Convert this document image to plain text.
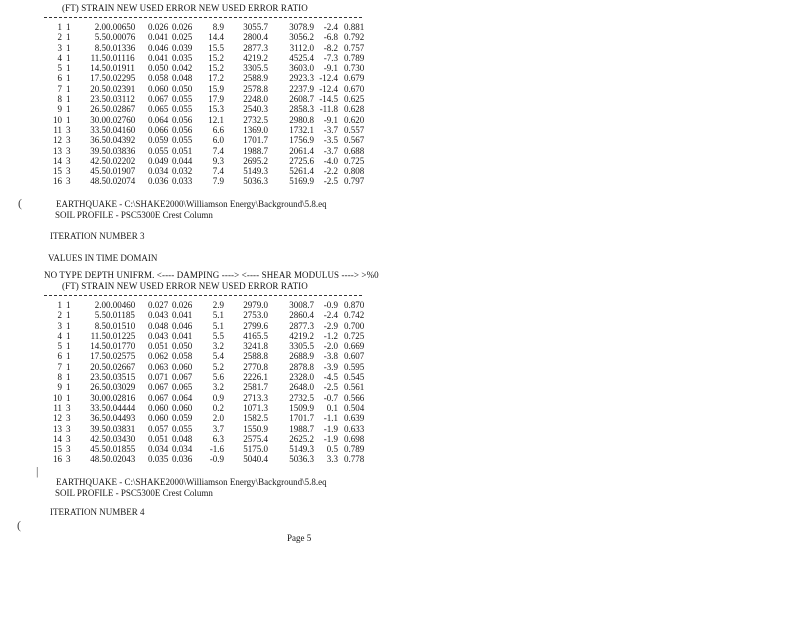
(FT) STRAIN NEW USED ERROR NEW USED ERROR RATIO
1 1	2.0 0.00650	0.026 0.026	8.9	3055.7	3078.9	-2.4 0.881
2 1	5.5 0.00076	0.041 0.025	14.4	2800.4	3056.2	-6.8 0.792
3 1	8.5 0.01336	0.046 0.039	15.5	2877.3	3112.0	-8.2 0.757
4 1	11.5 0.01116	0.041 0.035	15.2	4219.2	4525.4	-7.3 0.789
5 1	14.5 0.01911	0.050 0.042	15.2	3305.5	3603.0	-9.1 0.730
6 1	17.5 0.02295	0.058 0.048	17.2	2588.9	2923.3 -12.4 0.679
7 1	20.5 0.02391	0.060 0.050	15.9	2578.8	2237.9 -12.4 0.670
8 1	23.5 0.03112	0.067 0.055	17.9	2248.0	2608.7 -14.5 0.625
9 1	26.5 0.02867	0.065 0.055	15.3	2540.3	2858.3 -11.8 0.628
10 1	30.0 0.02760	0.064 0.056	12.1	2732.5	2980.8	-9.1 0.620
11 3	33.5 0.04160	0.066 0.056	6.6	1369.0	1732.1	-3.7 0.557
12 3	36.5 0.04392	0.059 0.055	6.0	1701.7	1756.9	-3.5 0.567
13 3	39.5 0.03836	0.055 0.051	7.4	1988.7	2061.4	-3.7 0.688
14 3	42.5 0.02202	0.049 0.044	9.3	2695.2	2725.6	-4.0 0.725
15 3	45.5 0.01907	0.034 0.032	7.4	5149.3	5261.4	-2.2 0.808
16 3	48.5 0.02074	0.036 0.033	7.9	5036.3	5169.9	-2.5 0.797
(	EARTHQUAKE - C:\SHAKE2000\Williamson Energy\Background\5.8.eq
SOIL PROFILE - PSC5300E Crest Column
ITERATION NUMBER 3
VALUES IN TIME DOMAIN
NO TYPE DEPTH UNIFRM. <---- DAMPING ----> <---- SHEAR MODULUS ----> >%0
(FT) STRAIN NEW USED ERROR NEW USED ERROR RATIO
1 1	2.0 0.00460	0.027 0.026	2.9	2979.0	3008.7	-0.9 0.870
2 1	5.5 0.01185	0.043 0.041	5.1	2753.0	2860.4	-2.4 0.742
3 1	8.5 0.01510	0.048 0.046	5.1	2799.6	2877.3	-2.9 0.700
4 1	11.5 0.01225	0.043 0.041	5.5	4165.5	4219.2	-1.2 0.725
5 1	14.5 0.01770	0.051 0.050	3.2	3241.8	3305.5	-2.0 0.669
6 1	17.5 0.02575	0.062 0.058	5.4	2588.8	2688.9	-3.8 0.607
7 1	20.5 0.02667	0.063 0.060	5.2	2770.8	2878.8	-3.9 0.595
8 1	23.5 0.03515	0.071 0.067	5.6	2226.1	2328.0	-4.5 0.545
9 1	26.5 0.03029	0.067 0.065	3.2	2581.7	2648.0	-2.5 0.561
10 1	30.0 0.02816	0.067 0.064	0.9	2713.3	2732.5	-0.7 0.566
11 3	33.5 0.04444	0.060 0.060	0.2	1071.3	1509.9	0.1 0.504
12 3	36.5 0.04493	0.060 0.059	2.0	1582.5	1701.7	-1.1 0.639
13 3	39.5 0.03831	0.057 0.055	3.7	1550.9	1988.7	-1.9 0.633
14 3	42.5 0.03430	0.051 0.048	6.3	2575.4	2625.2	-1.9 0.698
15 3	45.5 0.01855	0.034 0.034	-1.6	5175.0	5149.3	0.5 0.789
16 3	48.5 0.02043	0.035 0.036	-0.9	5040.4	5036.3	3.3 0.778
|
EARTHQUAKE - C:\SHAKE2000\Williamson Energy\Background\5.8.eq
SOIL PROFILE - PSC5300E Crest Column
ITERATION NUMBER 4
(
Page 5
